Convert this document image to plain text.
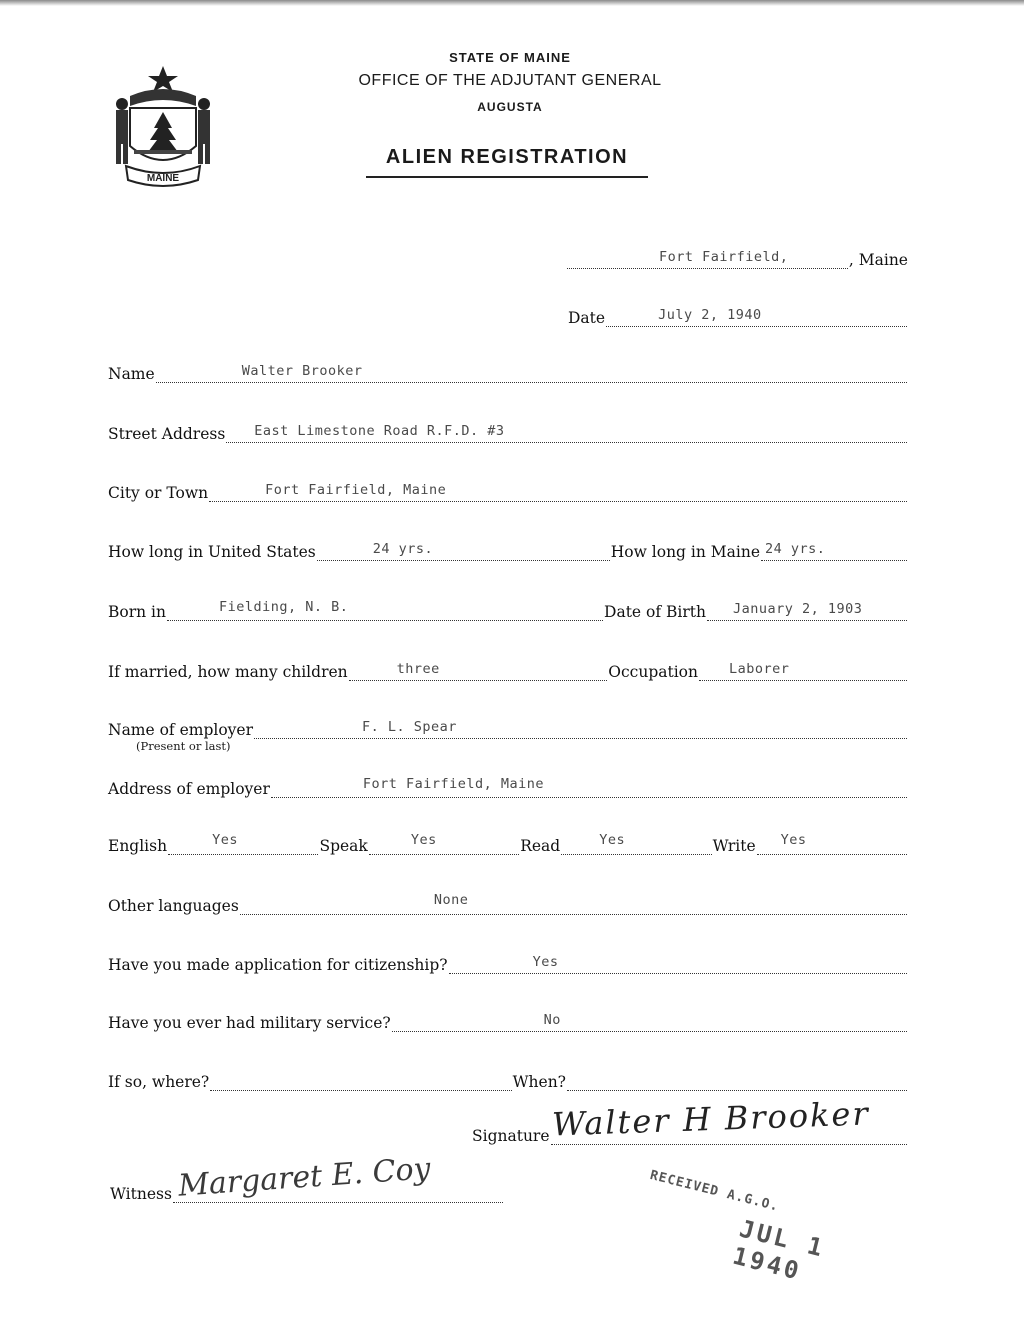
MAINE
STATE OF MAINE
OFFICE OF THE ADJUTANT GENERAL
AUGUSTA
ALIEN REGISTRATION
Fort Fairfield,	, Maine
Date	July 2, 1940
Name	Walter Brooker
Street Address East Limestone Road R.F.D. #3
City or Town	Fort Fairfield, Maine
How long in United States	24 yrs.	How long in Maine 24 yrs.
Born in	Fielding, N. B.	Date of Birth January 2, 1903
If married, how many children	three	Occupation Laborer
Name of employer	F. L. Spear
(Present or last)
Address of employer	Fort Fairfield, Maine
English	Yes	Speak	Yes	Read	Yes	Write Yes
Other languages	None
Have you made application for citizenship?	Yes
Have you ever had military service?	No
If so, where?	When?
Signature Walter H Brooker
Witness Margaret E. Coy	RECEIVED A.G.O.
JUL 1 1940
